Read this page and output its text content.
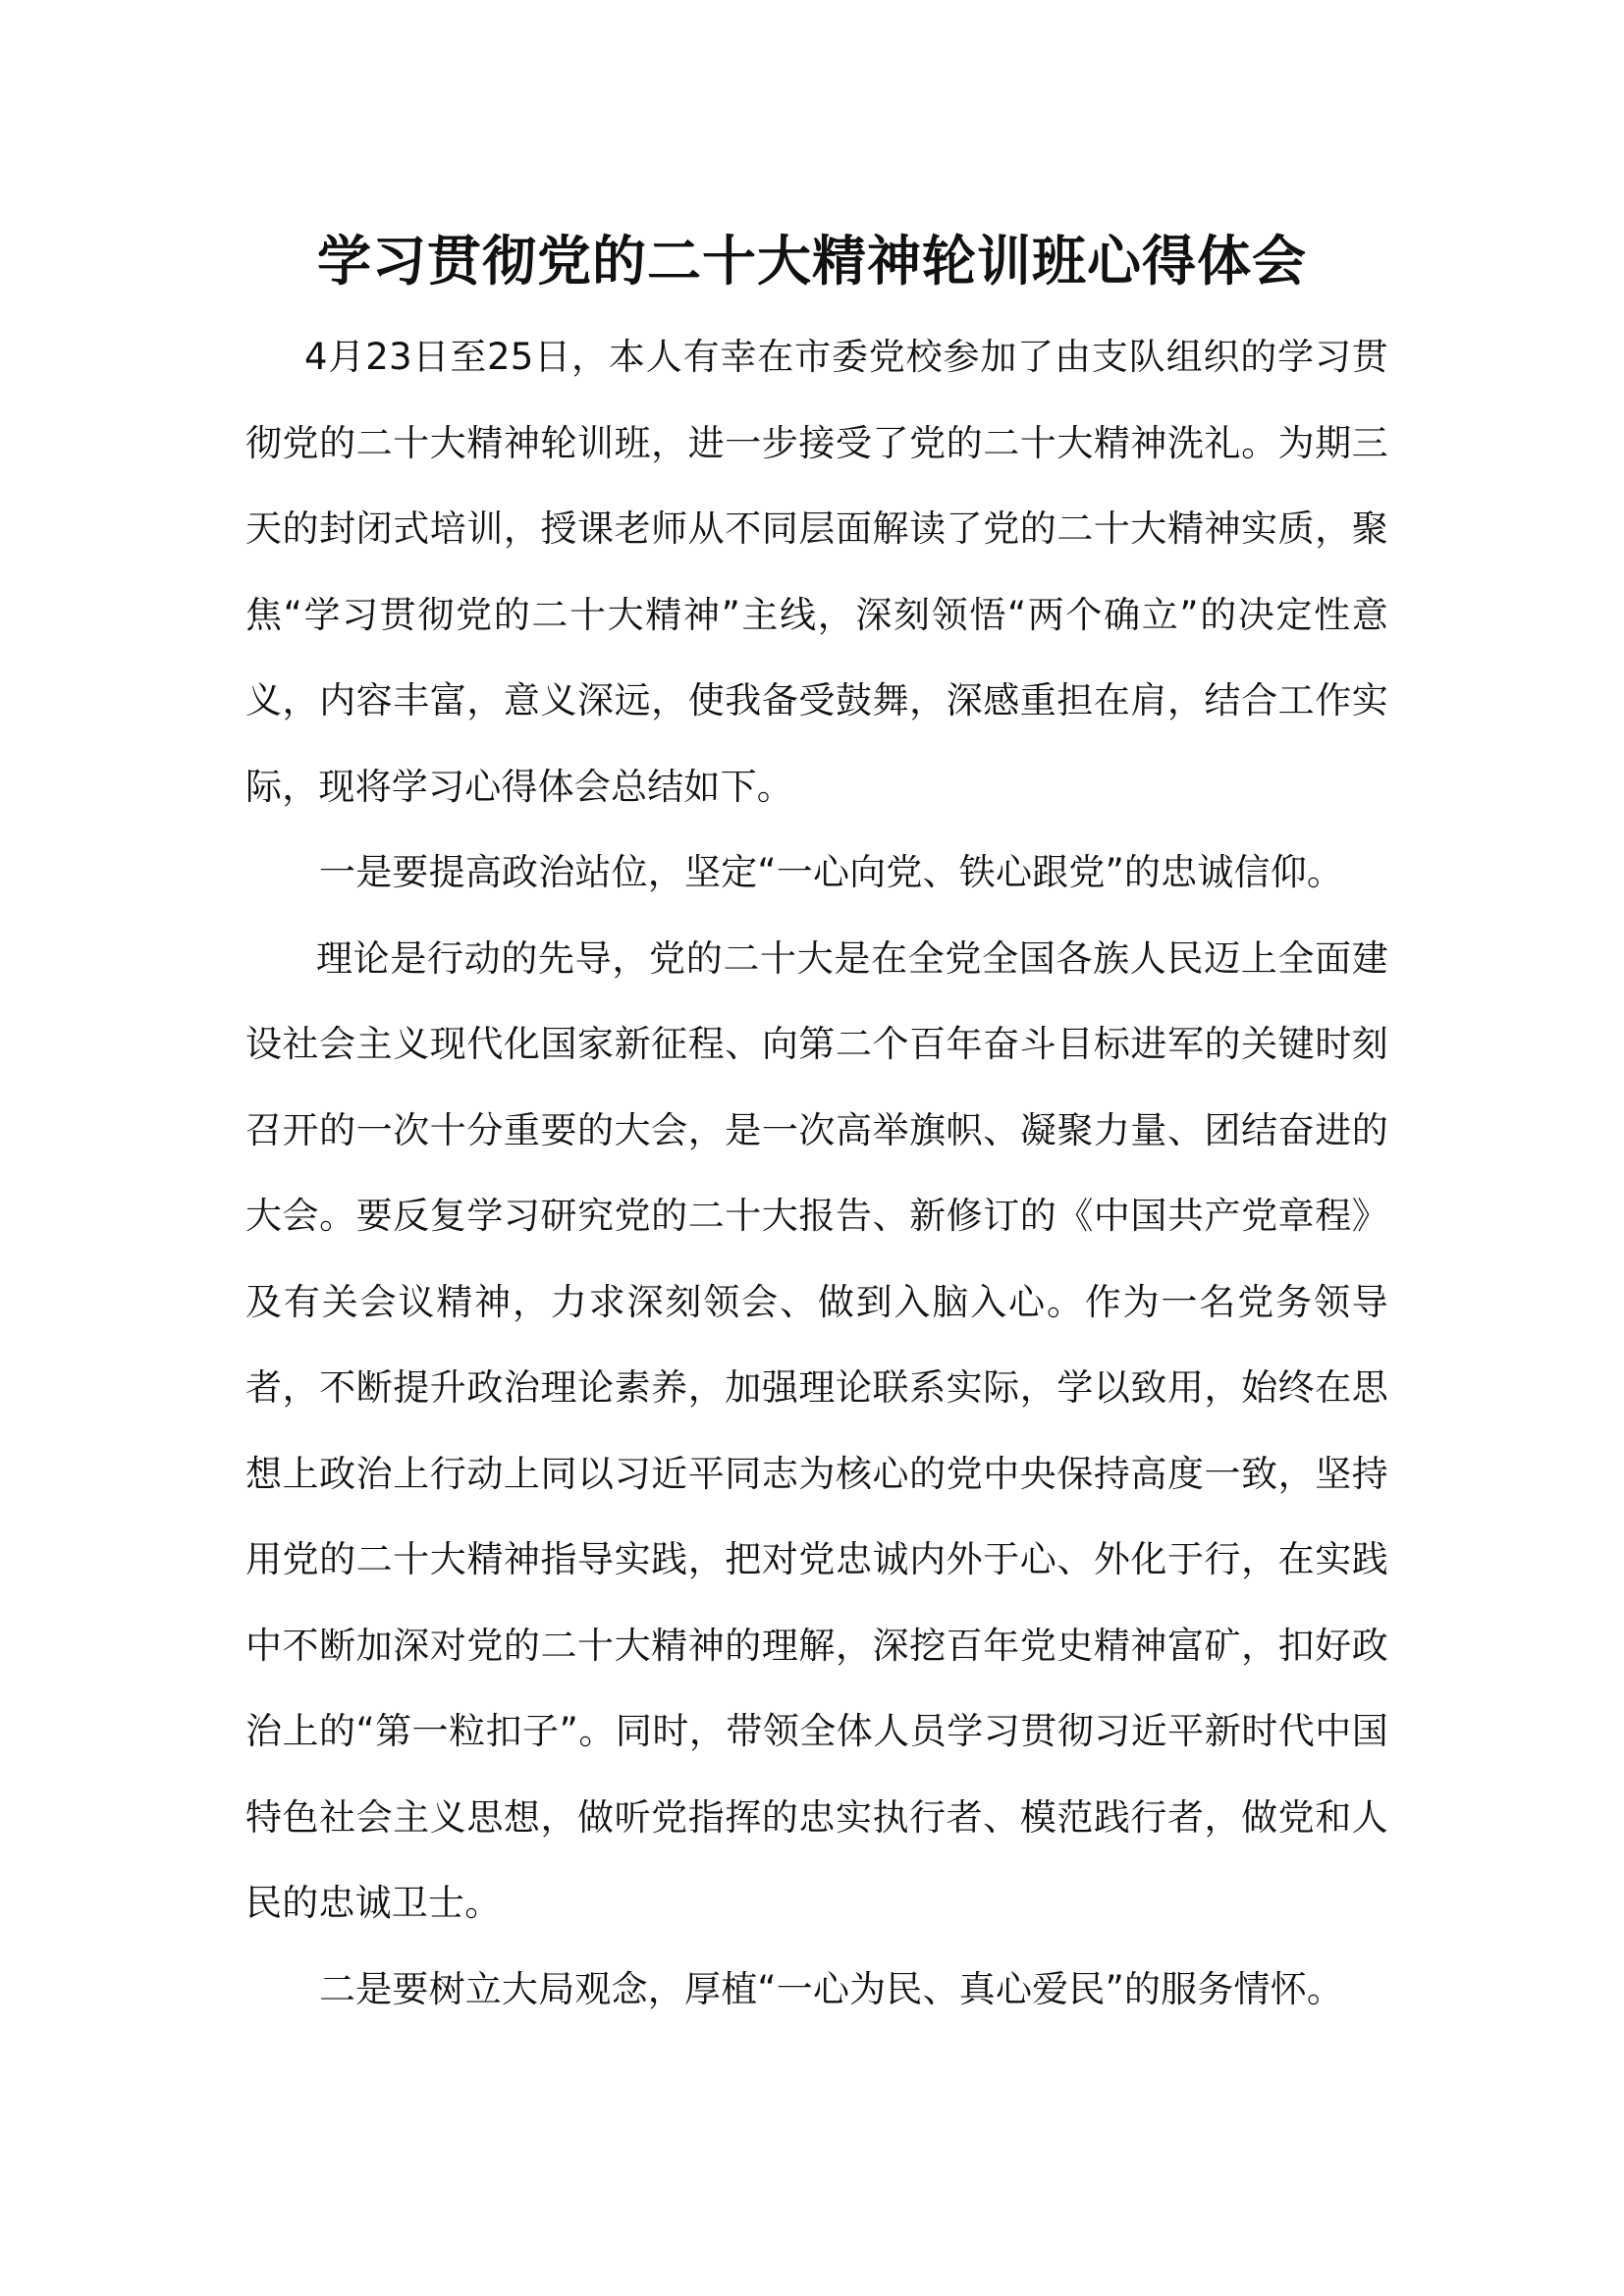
学习贯彻党的二十大精神轮训班心得体会

4月23日至25日，本人有幸在市委党校参加了由支队组织的学习贯彻党的二十大精神轮训班，进一步接受了党的二十大精神洗礼。为期三天的封闭式培训，授课老师从不同层面解读了党的二十大精神实质，聚焦“学习贯彻党的二十大精神”主线，深刻领悟“两个确立”的决定性意义，内容丰富，意义深远，使我备受鼓舞，深感重担在肩，结合工作实际，现将学习心得体会总结如下。

一是要提高政治站位，坚定“一心向党、铁心跟党”的忠诚信仰。

理论是行动的先导，党的二十大是在全党全国各族人民迈上全面建设社会主义现代化国家新征程、向第二个百年奋斗目标进军的关键时刻召开的一次十分重要的大会，是一次高举旗帜、凝聚力量、团结奋进的大会。要反复学习研究党的二十大报告、新修订的《中国共产党章程》及有关会议精神，力求深刻领会、做到入脑入心。作为一名党务领导者，不断提升政治理论素养，加强理论联系实际，学以致用，始终在思想上政治上行动上同以习近平同志为核心的党中央保持高度一致，坚持用党的二十大精神指导实践，把对党忠诚内外于心、外化于行，在实践中不断加深对党的二十大精神的理解，深挖百年党史精神富矿，扣好政治上的“第一粒扣子”。同时，带领全体人员学习贯彻习近平新时代中国特色社会主义思想，做听党指挥的忠实执行者、模范践行者，做党和人民的忠诚卫士。

二是要树立大局观念，厚植“一心为民、真心爱民”的服务情怀。
